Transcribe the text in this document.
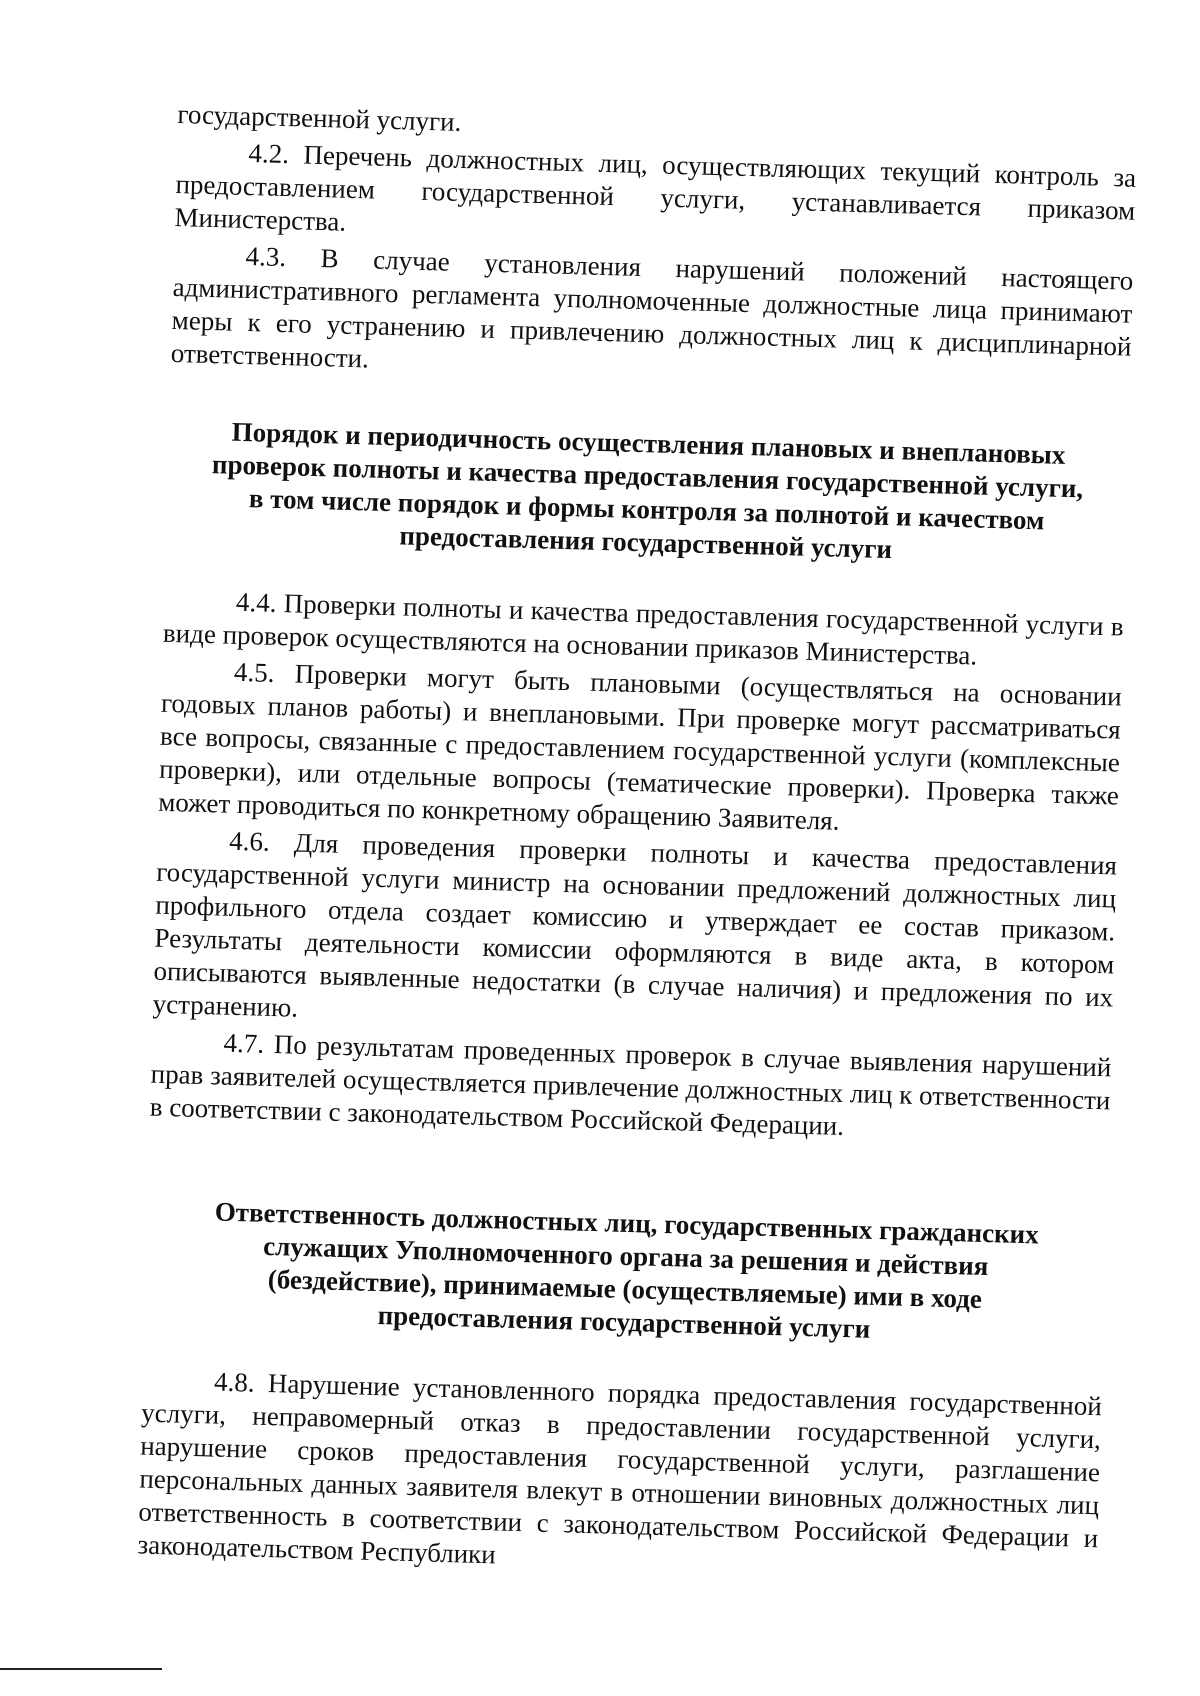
государственной услуги.

4.2. Перечень должностных лиц, осуществляющих текущий контроль за предоставлением государственной услуги, устанавливается приказом Министерства.

4.3. В случае установления нарушений положений настоящего административного регламента уполномоченные должностные лица принимают меры к его устранению и привлечению должностных лиц к дисциплинарной ответственности.

Порядок и периодичность осуществления плановых и внеплановых проверок полноты и качества предоставления государственной услуги, в том числе порядок и формы контроля за полнотой и качеством предоставления государственной услуги

4.4. Проверки полноты и качества предоставления государственной услуги в виде проверок осуществляются на основании приказов Министерства.

4.5. Проверки могут быть плановыми (осуществляться на основании годовых планов работы) и внеплановыми. При проверке могут рассматриваться все вопросы, связанные с предоставлением государственной услуги (комплексные проверки), или отдельные вопросы (тематические проверки). Проверка также может проводиться по конкретному обращению Заявителя.

4.6. Для проведения проверки полноты и качества предоставления государственной услуги министр на основании предложений должностных лиц профильного отдела создает комиссию и утверждает ее состав приказом. Результаты деятельности комиссии оформляются в виде акта, в котором описываются выявленные недостатки (в случае наличия) и предложения по их устранению.

4.7. По результатам проведенных проверок в случае выявления нарушений прав заявителей осуществляется привлечение должностных лиц к ответственности в соответствии с законодательством Российской Федерации.

Ответственность должностных лиц, государственных гражданских служащих Уполномоченного органа за решения и действия (бездействие), принимаемые (осуществляемые) ими в ходе предоставления государственной услуги

4.8. Нарушение установленного порядка предоставления государственной услуги, неправомерный отказ в предоставлении государственной услуги, нарушение сроков предоставления государственной услуги, разглашение персональных данных заявителя влекут в отношении виновных должностных лиц ответственность в соответствии с законодательством Российской Федерации и законодательством Республики
